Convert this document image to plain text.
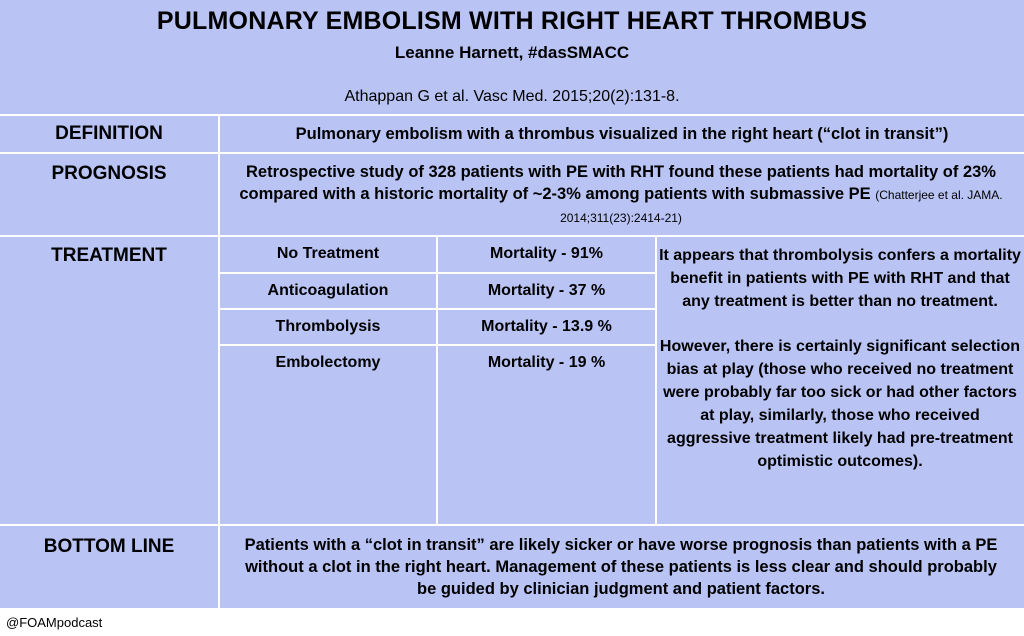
PULMONARY EMBOLISM WITH RIGHT HEART THROMBUS
Leanne Harnett, #dasSMACC
Athappan G et al. Vasc Med. 2015;20(2):131-8.
DEFINITION	Pulmonary embolism with a thrombus visualized in the right heart (“clot in transit”)
PROGNOSIS	Retrospective study of 328 patients with PE with RHT found these patients had mortality of 23% compared with a historic mortality of ~2-3% among patients with submassive PE (Chatterjee et al. JAMA. 2014;311(23):2414-21)
TREATMENT	No Treatment	Mortality - 91%
Anticoagulation	Mortality - 37 %
Thrombolysis	Mortality - 13.9 %
Embolectomy	Mortality - 19 %

It appears that thrombolysis confers a mortality benefit in patients with PE with RHT and that any treatment is better than no treatment.

However, there is certainly significant selection bias at play (those who received no treatment were probably far too sick or had other factors at play, similarly, those who received aggressive treatment likely had pre-treatment optimistic outcomes).

BOTTOM LINE	Patients with a “clot in transit” are likely sicker or have worse prognosis than patients with a PE without a clot in the right heart. Management of these patients is less clear and should probably be guided by clinician judgment and patient factors.
@FOAMpodcast
